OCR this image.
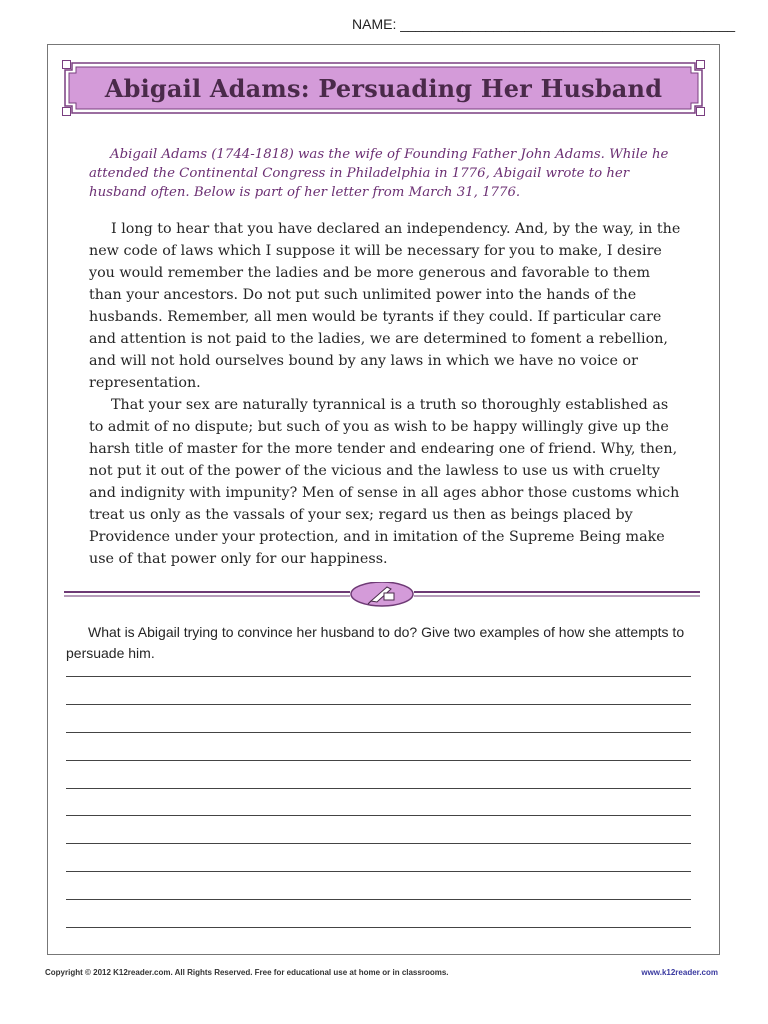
NAME: ___________________________________________
Abigail Adams: Persuading Her Husband

Abigail Adams (1744-1818) was the wife of Founding Father John Adams. While he attended the Continental Congress in Philadelphia in 1776, Abigail wrote to her husband often. Below is part of her letter from March 31, 1776.

I long to hear that you have declared an independency. And, by the way, in the new code of laws which I suppose it will be necessary for you to make, I desire you would remember the ladies and be more generous and favorable to them than your ancestors. Do not put such unlimited power into the hands of the husbands. Remember, all men would be tyrants if they could. If particular care and attention is not paid to the ladies, we are determined to foment a rebellion, and will not hold ourselves bound by any laws in which we have no voice or representation.

That your sex are naturally tyrannical is a truth so thoroughly established as to admit of no dispute; but such of you as wish to be happy willingly give up the harsh title of master for the more tender and endearing one of friend. Why, then, not put it out of the power of the vicious and the lawless to use us with cruelty and indignity with impunity? Men of sense in all ages abhor those customs which treat us only as the vassals of your sex; regard us then as beings placed by Providence under your protection, and in imitation of the Supreme Being make use of that power only for our happiness.

What is Abigail trying to convince her husband to do? Give two examples of how she attempts to persuade him.

Copyright © 2012 K12reader.com. All Rights Reserved. Free for educational use at home or in classrooms.	www.k12reader.com
